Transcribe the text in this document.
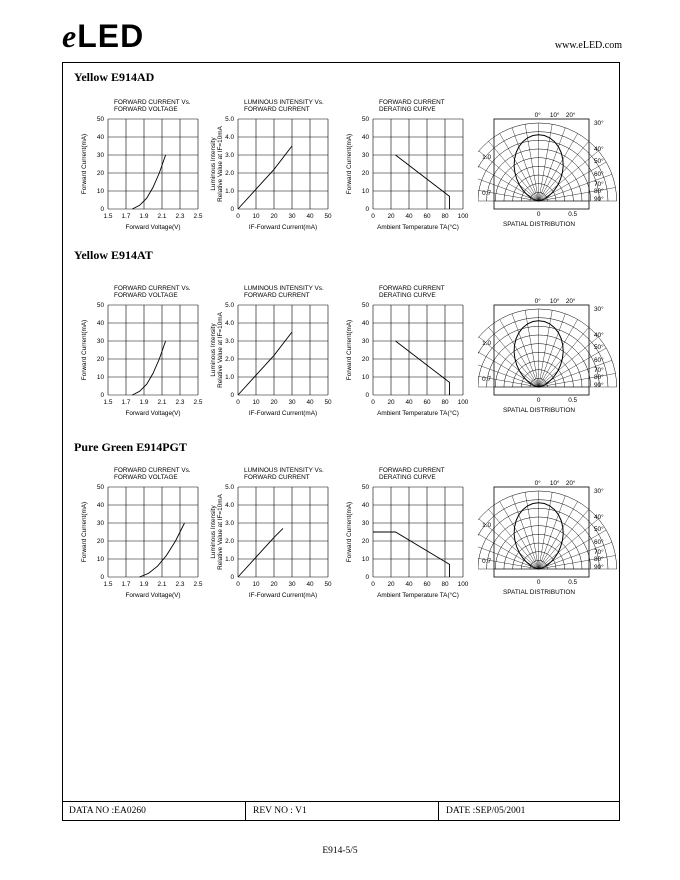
eLED	www.eLED.com
Yellow E914AD
Yellow E914AT
Pure Green E914PGT
FORWARD CURRENT Vs.
FORWARD VOLTAGE
1.5 1.7 1.9 2.1 2.3 2.5
0
10
20
30
40
50
Forward Voltage(V)
Forward Current(mA)
LUMINOUS INTENSITY Vs.
FORWARD CURRENT
0 10 20 30 40 50
0
1.0
2.0
3.0
4.0
5.0
IF-Forward Current(mA)
Luminous Intensity Relative Value at IF=10mA
FORWARD CURRENT
DERATING CURVE
0 20 40 60 80 100
0
10
20
30
40
50
Ambient Temperature TA(°C)
Forward Current(mA)
0° 10° 20°
30°
40°
50°
60°
70°
80°
90°
1.0
0.7
0	0.5
SPATIAL DISTRIBUTION
FORWARD CURRENT Vs.
FORWARD VOLTAGE
1.5 1.7 1.9 2.1 2.3 2.5
0
10
20
30
40
50
Forward Voltage(V)
Forward Current(mA)
LUMINOUS INTENSITY Vs.
FORWARD CURRENT
0 10 20 30 40 50
0
1.0
2.0
3.0
4.0
5.0
IF-Forward Current(mA)
Luminous Intensity Relative Value at IF=10mA
FORWARD CURRENT
DERATING CURVE
0 20 40 60 80 100
0
10
20
30
40
50
Ambient Temperature TA(°C)
Forward Current(mA)
0° 10° 20°
30°
40°
50°
60°
70°
80°
90°
1.0
0.7
0	0.5
SPATIAL DISTRIBUTION
FORWARD CURRENT Vs.
FORWARD VOLTAGE
1.5 1.7 1.9 2.1 2.3 2.5
0
10
20
30
40
50
Forward Voltage(V)
Forward Current(mA)
LUMINOUS INTENSITY Vs.
FORWARD CURRENT
0 10 20 30 40 50
0
1.0
2.0
3.0
4.0
5.0
IF-Forward Current(mA)
Luminous Intensity Relative Value at IF=10mA
FORWARD CURRENT
DERATING CURVE
0 20 40 60 80 100
0
10
20
30
40
50
Ambient Temperature TA(°C)
Forward Current(mA)
0° 10° 20°
30°
40°
50°
60°
70°
80°
90°
1.0
0.7
0	0.5
SPATIAL DISTRIBUTION
DATA NO :EA0260	REV NO : V1	DATE :SEP/05/2001
E914-5/5
